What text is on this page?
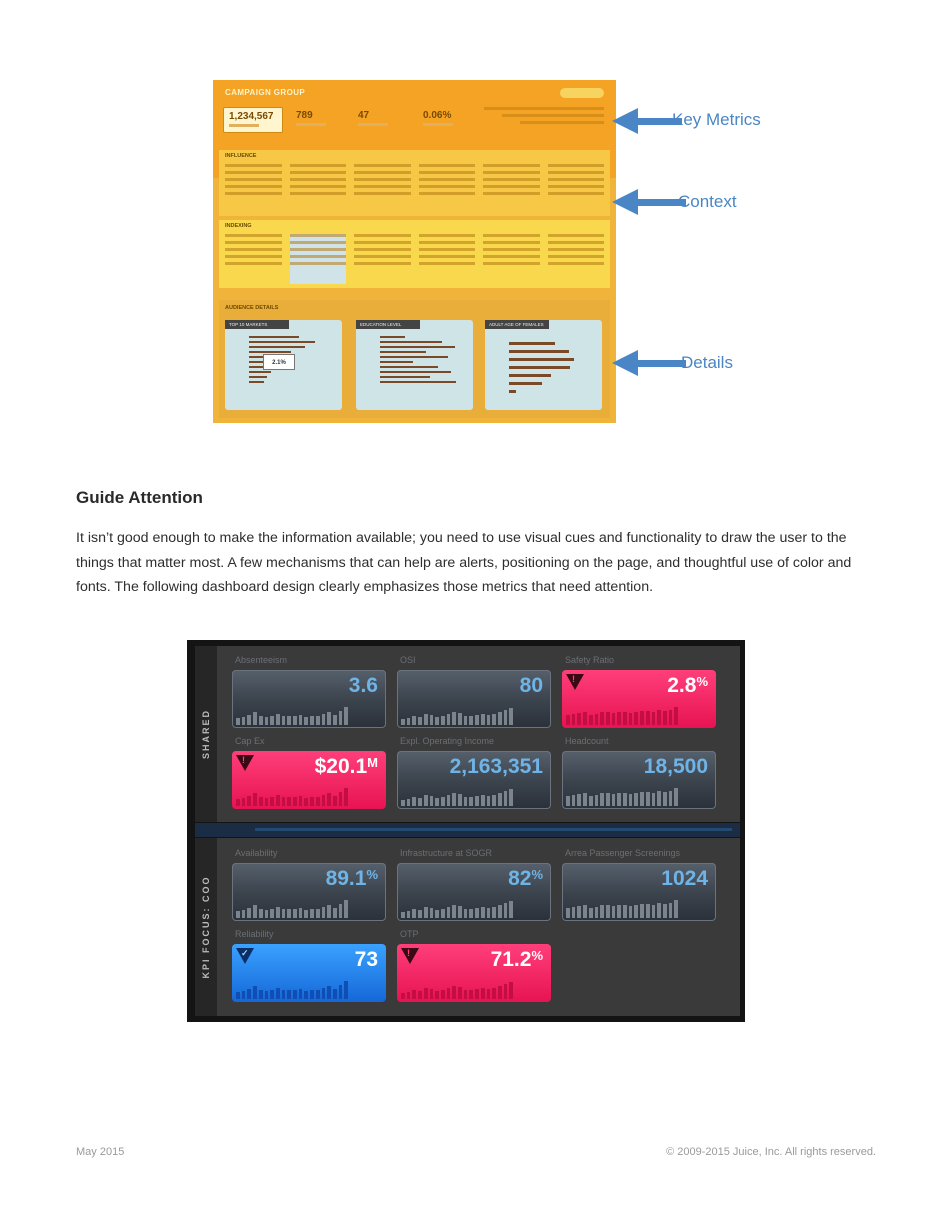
CAMPAIGN GROUP
1,234,567 789	47	0.06%
INFLUENCE
INDEXING
AUDIENCE DETAILS
TOP 10 MARKETS
2.1%
EDUCATION LEVEL	ADULT AGE OF FEMALES
Key Metrics
Context
Details
Guide Attention
It isn’t good enough to make the information available; you need to use visual cues and functionality to draw the user to the things that matter most. A few mechanisms that can help are alerts, positioning on the page, and thoughtful use of color and fonts. The following dashboard design clearly emphasizes those metrics that need attention.
SHARED
KPI FOCUS: COO
Absenteeism
3.6
OSI
80
Safety Ratio
!	2.8%
Cap Ex
!	$\$20.1^M$
Expl. Operating Income
2,163,351
Headcount
18,500
Availability
89.1%
Infrastructure at SOGR
82%
Arrea Passenger Screenings
1024
Reliability
✓	73
OTP
!	71.2%
May 2015	© 2009-2015 Juice, Inc. All rights reserved.
